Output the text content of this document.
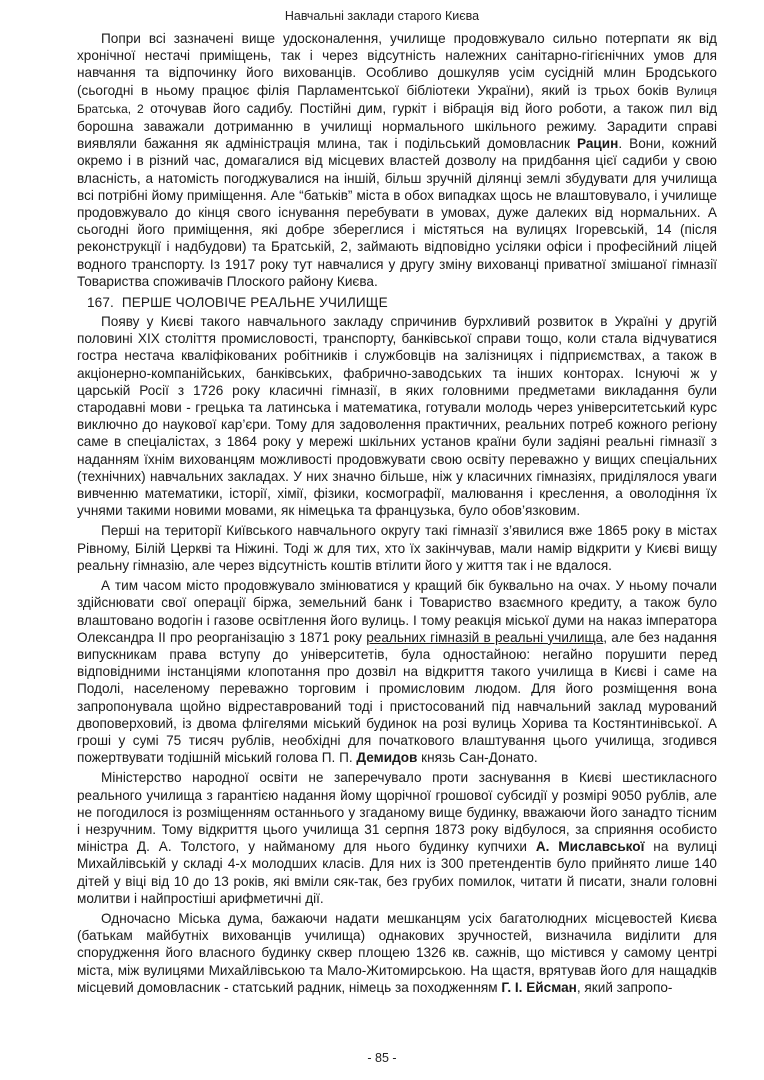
Навчальні заклади старого Києва

Попри всі зазначені вище удосконалення, училище продовжувало сильно потерпати як від хронічної нестачі приміщень, так і через відсутність належних санітарно-гігієнічних умов для навчання та відпочинку його вихованців. Особливо дошкуляв усім сусідній млин Бродського (сьогодні в ньому працює філія Парламентської бібліотеки України), який із трьох боків Вулиця Братська, 2 оточував його садибу. Постійні дим, гуркіт і вібрація від його роботи, а також пил від борошна заважали дотриманню в училищі нормального шкільного режиму. Зарадити справі виявляли бажання як адміністрація млина, так і подільський домовласник Рацин. Вони, кожний окремо і в різний час, домагалися від місцевих властей дозволу на придбання цієї садиби у свою власність, а натомість погоджувалися на іншій, більш зручній ділянці землі збудувати для училища всі потрібні йому приміщення. Але “батьків” міста в обох випадках щось не влаштовувало, і училище продовжувало до кінця свого існування перебувати в умовах, дуже далеких від нормальних. А сьогодні його приміщення, які добре збереглися і містяться на вулицях Ігоревській, 14 (після реконструкції і надбудови) та Братській, 2, займають відповідно усіляки офіси і професійний ліцей водного транспорту. Із 1917 року тут навчалися у другу зміну вихованці приватної змішаної гімназії Товариства споживачів Плоского району Києва.

167. ПЕРШЕ ЧОЛОВІЧЕ РЕАЛЬНЕ УЧИЛИЩЕ

Появу у Києві такого навчального закладу спричинив бурхливий розвиток в Україні у другій половині ХІХ століття промисловості, транспорту, банківської справи тощо, коли стала відчуватися гостра нестача кваліфікованих робітників і службовців на залізницях і підприємствах, а також в акціонерно-компанійських, банківських, фабрично-заводських та інших конторах. Існуючі ж у царській Росії з 1726 року класичні гімназії, в яких головними предметами викладання були стародавні мови - грецька та латинська і математика, готували молодь через університетський курс виключно до наукової кар’єри. Тому для задоволення практичних, реальних потреб кожного регіону саме в спеціалістах, з 1864 року у мережі шкільних установ країни були задіяні реальні гімназії з наданням їхнім вихованцям можливості продовжувати свою освіту переважно у вищих спеціальних (технічних) навчальних закладах. У них значно більше, ніж у класичних гімназіях, приділялося уваги вивченню математики, історії, хімії, фізики, космографії, малювання і креслення, а оволодіння їх учнями такими новими мовами, як німецька та французька, було обов’язковим.

Перші на території Київського навчального округу такі гімназії з’явилися вже 1865 року в містах Рівному, Білій Церкві та Ніжині. Тоді ж для тих, хто їх закінчував, мали намір відкрити у Києві вищу реальну гімназію, але через відсутність коштів втілити його у життя так і не вдалося.

А тим часом місто продовжувало змінюватися у кращий бік буквально на очах. У ньому почали здійснювати свої операції біржа, земельний банк і Товариство взаємного кредиту, а також було влаштовано водогін і газове освітлення його вулиць. І тому реакція міської думи на наказ імператора Олександра ІІ про реорганізацію з 1871 року реальних гімназій в реальні училища, але без надання випускникам права вступу до університетів, була одностайною: негайно порушити перед відповідними інстанціями клопотання про дозвіл на відкриття такого училища в Києві і саме на Подолі, населеному переважно торговим і промисловим людом. Для його розміщення вона запропонувала щойно відреставрований тоді і пристосований під навчальний заклад мурований двоповерховий, із двома флігелями міський будинок на розі вулиць Хорива та Костянтинівської. А гроші у сумі 75 тисяч рублів, необхідні для початкового влаштування цього училища, згодився пожертвувати тодішній міський голова П. П. Демидов князь Сан-Донато.

Міністерство народної освіти не заперечувало проти заснування в Києві шестикласного реального училища з гарантією надання йому щорічної грошової субсидії у розмірі 9050 рублів, але не погодилося із розміщенням останнього у згаданому вище будинку, вважаючи його занадто тісним і незручним. Тому відкриття цього училища 31 серпня 1873 року відбулося, за сприяння особисто міністра Д. А. Толстого, у найманому для нього будинку купчихи А. Миславської на вулиці Михайлівській у складі 4-х молодших класів. Для них із 300 претендентів було прийнято лише 140 дітей у віці від 10 до 13 років, які вміли сяк-так, без грубих помилок, читати й писати, знали головні молитви і найпростіші арифметичні дії.

Одночасно Міська дума, бажаючи надати мешканцям усіх багатолюдних місцевостей Києва (батькам майбутніх вихованців училища) однакових зручностей, визначила виділити для спорудження його власного будинку сквер площею 1326 кв. сажнів, що містився у самому центрі міста, між вулицями Михайлівською та Мало-Житомирською. На щастя, врятував його для нащадків місцевий домовласник - статський радник, німець за походженням Г. І. Ейсман, який запропо-

- 85 -
